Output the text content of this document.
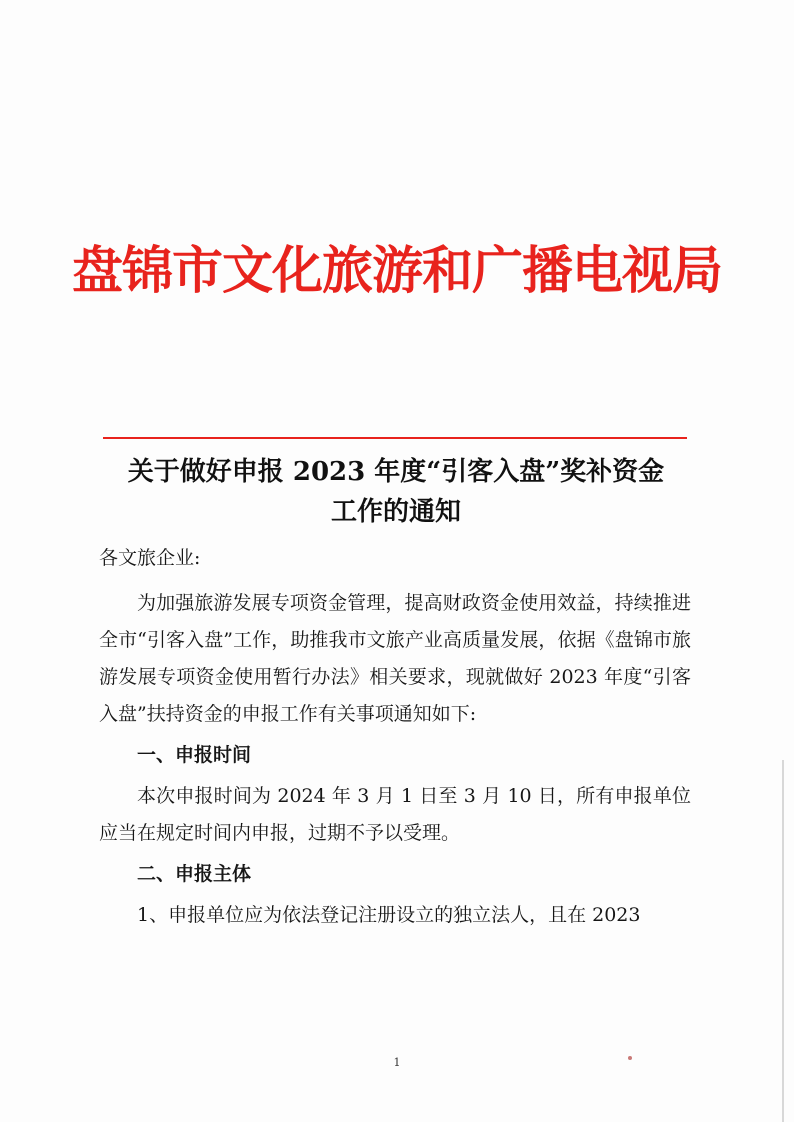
盘锦市文化旅游和广播电视局
关于做好申报 2023 年度“引客入盘”奖补资金
工作的通知

各文旅企业:

为加强旅游发展专项资金管理，提高财政资金使用效益，持续推进全市“引客入盘”工作，助推我市文旅产业高质量发展，依据《盘锦市旅游发展专项资金使用暂行办法》相关要求，现就做好 2023 年度“引客入盘”扶持资金的申报工作有关事项通知如下:

一、申报时间

本次申报时间为 2024 年 3 月 1 日至 3 月 10 日，所有申报单位应当在规定时间内申报，过期不予以受理。

二、申报主体

1、申报单位应为依法登记注册设立的独立法人，且在 2023

1
